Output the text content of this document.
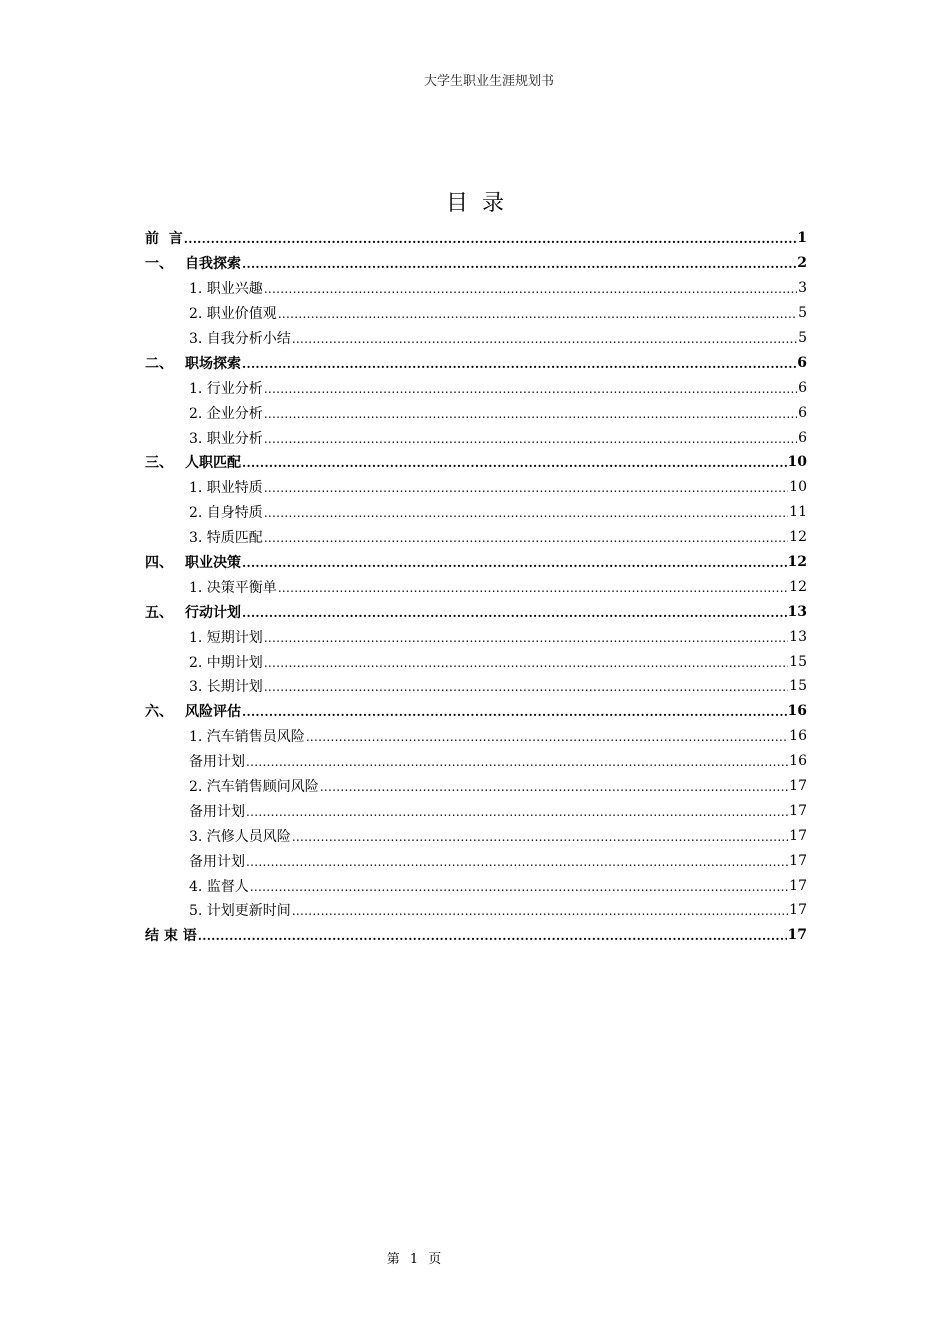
大学生职业生涯规划书
目录
前  言 .....	1
一、 自我探索 .....	2
1. 职业兴趣 .....	3
2. 职业价值观 .....	5
3. 自我分析小结 .....	5
二、 职场探索 .....	6
1. 行业分析 .....	6
2. 企业分析 .....	6
3. 职业分析 .....	6
三、 人职匹配 .....	10
1. 职业特质 .....	10
2. 自身特质 .....	11
3. 特质匹配 .....	12
四、 职业决策 .....	12
1. 决策平衡单 .....	12
五、 行动计划 .....	13
1. 短期计划 .....	13
2. 中期计划 .....	15
3. 长期计划 .....	15
六、 风险评估 .....	16
1. 汽车销售员风险 .....	16
备用计划 .....	16
2. 汽车销售顾问风险 .....	17
备用计划 .....	17
3. 汽修人员风险 .....	17
备用计划 .....	17
4. 监督人 .....	17
5. 计划更新时间 .....	17
结 束 语 .....	17
第 1 页
